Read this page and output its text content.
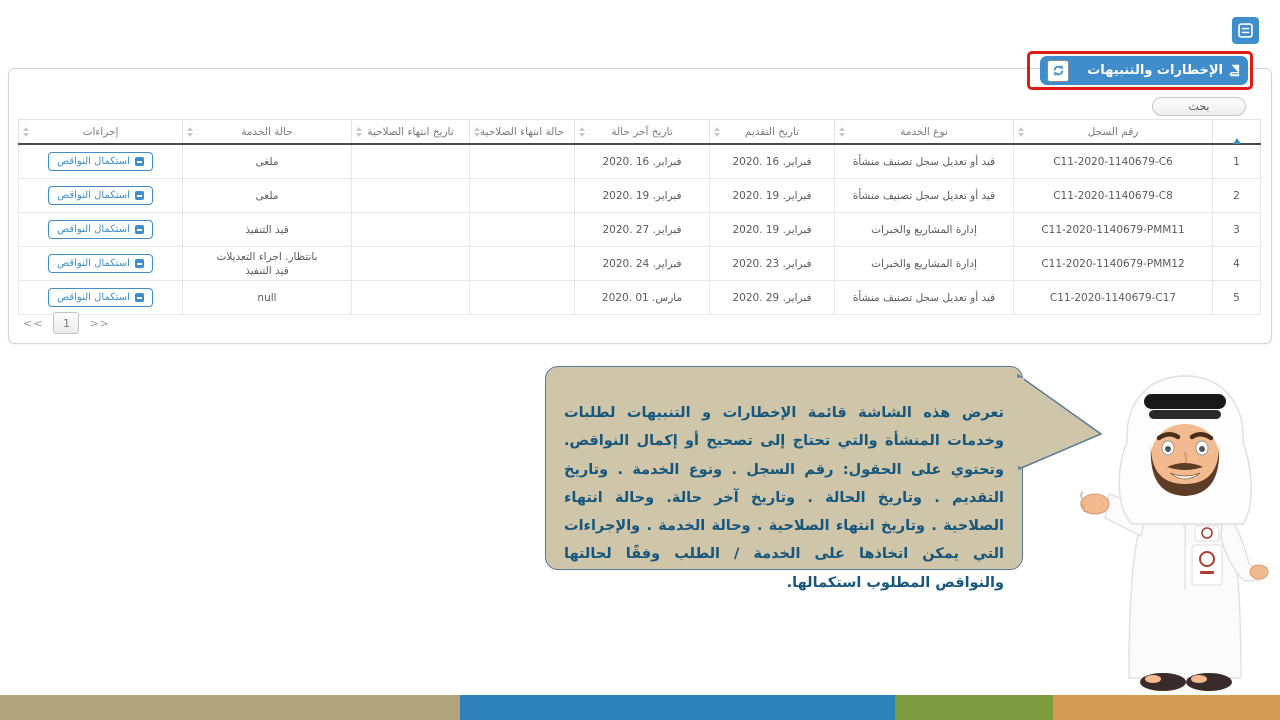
بحث
	رقم السجل	نوع الخدمة	تاريخ التقديم	تاريخ آخر حالة	حالة انتهاء الصلاحية	تاريخ انتهاء الصلاحية	حالة الخدمة	إجراءات

1	C11-2020-1140679-C6	قيد أو تعديل سجل تصنيف منشأة	فبراير. 16 .2020	فبراير. 16 .2020			ملغى	استكمال النواقص

2	C11-2020-1140679-C8	قيد أو تعديل سجل تصنيف منشأة	فبراير. 19 .2020	فبراير. 19 .2020			ملغى	استكمال النواقص

3	C11-2020-1140679-PMM11	إدارة المشاريع والخبرات	فبراير. 19 .2020	فبراير. 27 .2020			قيد التنفيذ	استكمال النواقص

4	C11-2020-1140679-PMM12	إدارة المشاريع والخبرات	فبراير. 23 .2020	فبراير. 24 .2020			بانتظار. اجراء التعديلات
قيد التنفيذ	استكمال النواقص

5	C11-2020-1140679-C17	قيد أو تعديل سجل تصنيف منشأة	فبراير. 29 .2020	مارس. 01 .2020			null	استكمال النواقص
<<	1	>>
الإخطارات والتنبيهات

تعرض هذه الشاشة قائمة الإخطارات و التنبيهات لطلبات وخدمات المنشأة والتي تحتاج إلى تصحيح أو إكمال النواقص. وتحتوي على الحقول: رقم السجل . ونوع الخدمة . وتاريخ التقديم . وتاريخ الحالة . وتاريخ آخر حالة. وحالة انتهاء الصلاحية . وتاريخ انتهاء الصلاحية . وحالة الخدمة . والإجراءات التي يمكن اتخاذها على الخدمة / الطلب وفقًا لحالتها والنواقص المطلوب استكمالها.
